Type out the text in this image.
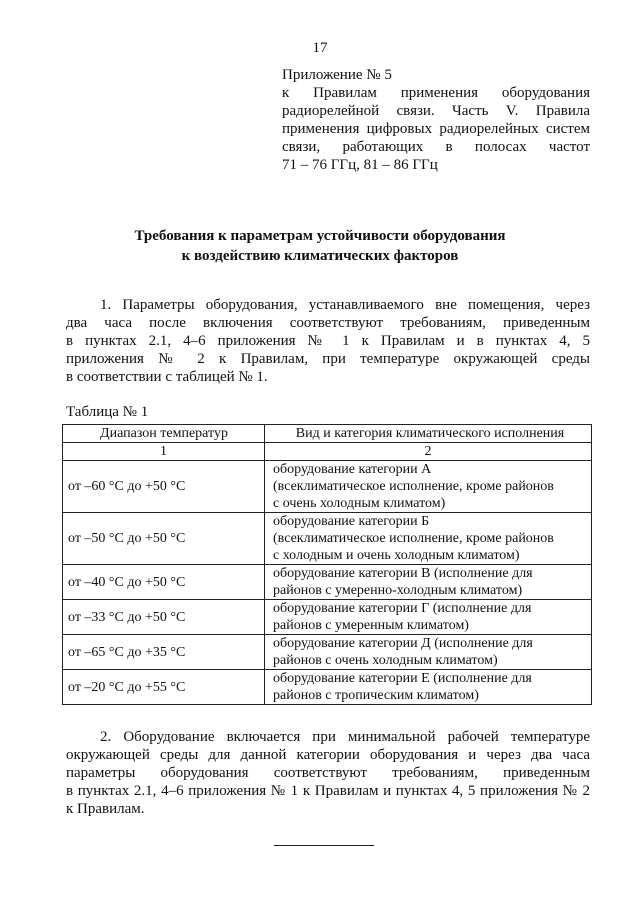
17
Приложение № 5
к Правилам применения оборудования
радиорелейной связи. Часть V. Правила
применения цифровых радиорелейных систем
связи, работающих в полосах частот
71 – 76 ГГц, 81 – 86 ГГц
Требования к параметрам устойчивости оборудования
к воздействию климатических факторов
1. Параметры оборудования, устанавливаемого вне помещения, через
два часа после включения соответствуют требованиям, приведенным
в пунктах 2.1, 4–6 приложения № 1 к Правилам и в пунктах 4, 5
приложения № 2 к Правилам, при температуре окружающей среды
в соответствии с таблицей № 1.
Таблица № 1
Диапазон температур	Вид и категория климатического исполнения
1	2
от –60 °С до +50 °С	оборудование категории А
(всеклиматическое исполнение, кроме районов
с очень холодным климатом)

от –50 °С до +50 °С	оборудование категории Б
(всеклиматическое исполнение, кроме районов
с холодным и очень холодным климатом)

от –40 °С до +50 °С	оборудование категории В (исполнение для
районов с умеренно-холодным климатом)

от –33 °С до +50 °С	оборудование категории Г (исполнение для
районов с умеренным климатом)

от –65 °С до +35 °С	оборудование категории Д (исполнение для
районов с очень холодным климатом)

от –20 °С до +55 °С	оборудование категории Е (исполнение для
районов с тропическим климатом)
2. Оборудование включается при минимальной рабочей температуре
окружающей среды для данной категории оборудования и через два часа
параметры оборудования соответствуют требованиям, приведенным
в пунктах 2.1, 4–6 приложения № 1 к Правилам и пунктах 4, 5 приложения № 2
к Правилам.
